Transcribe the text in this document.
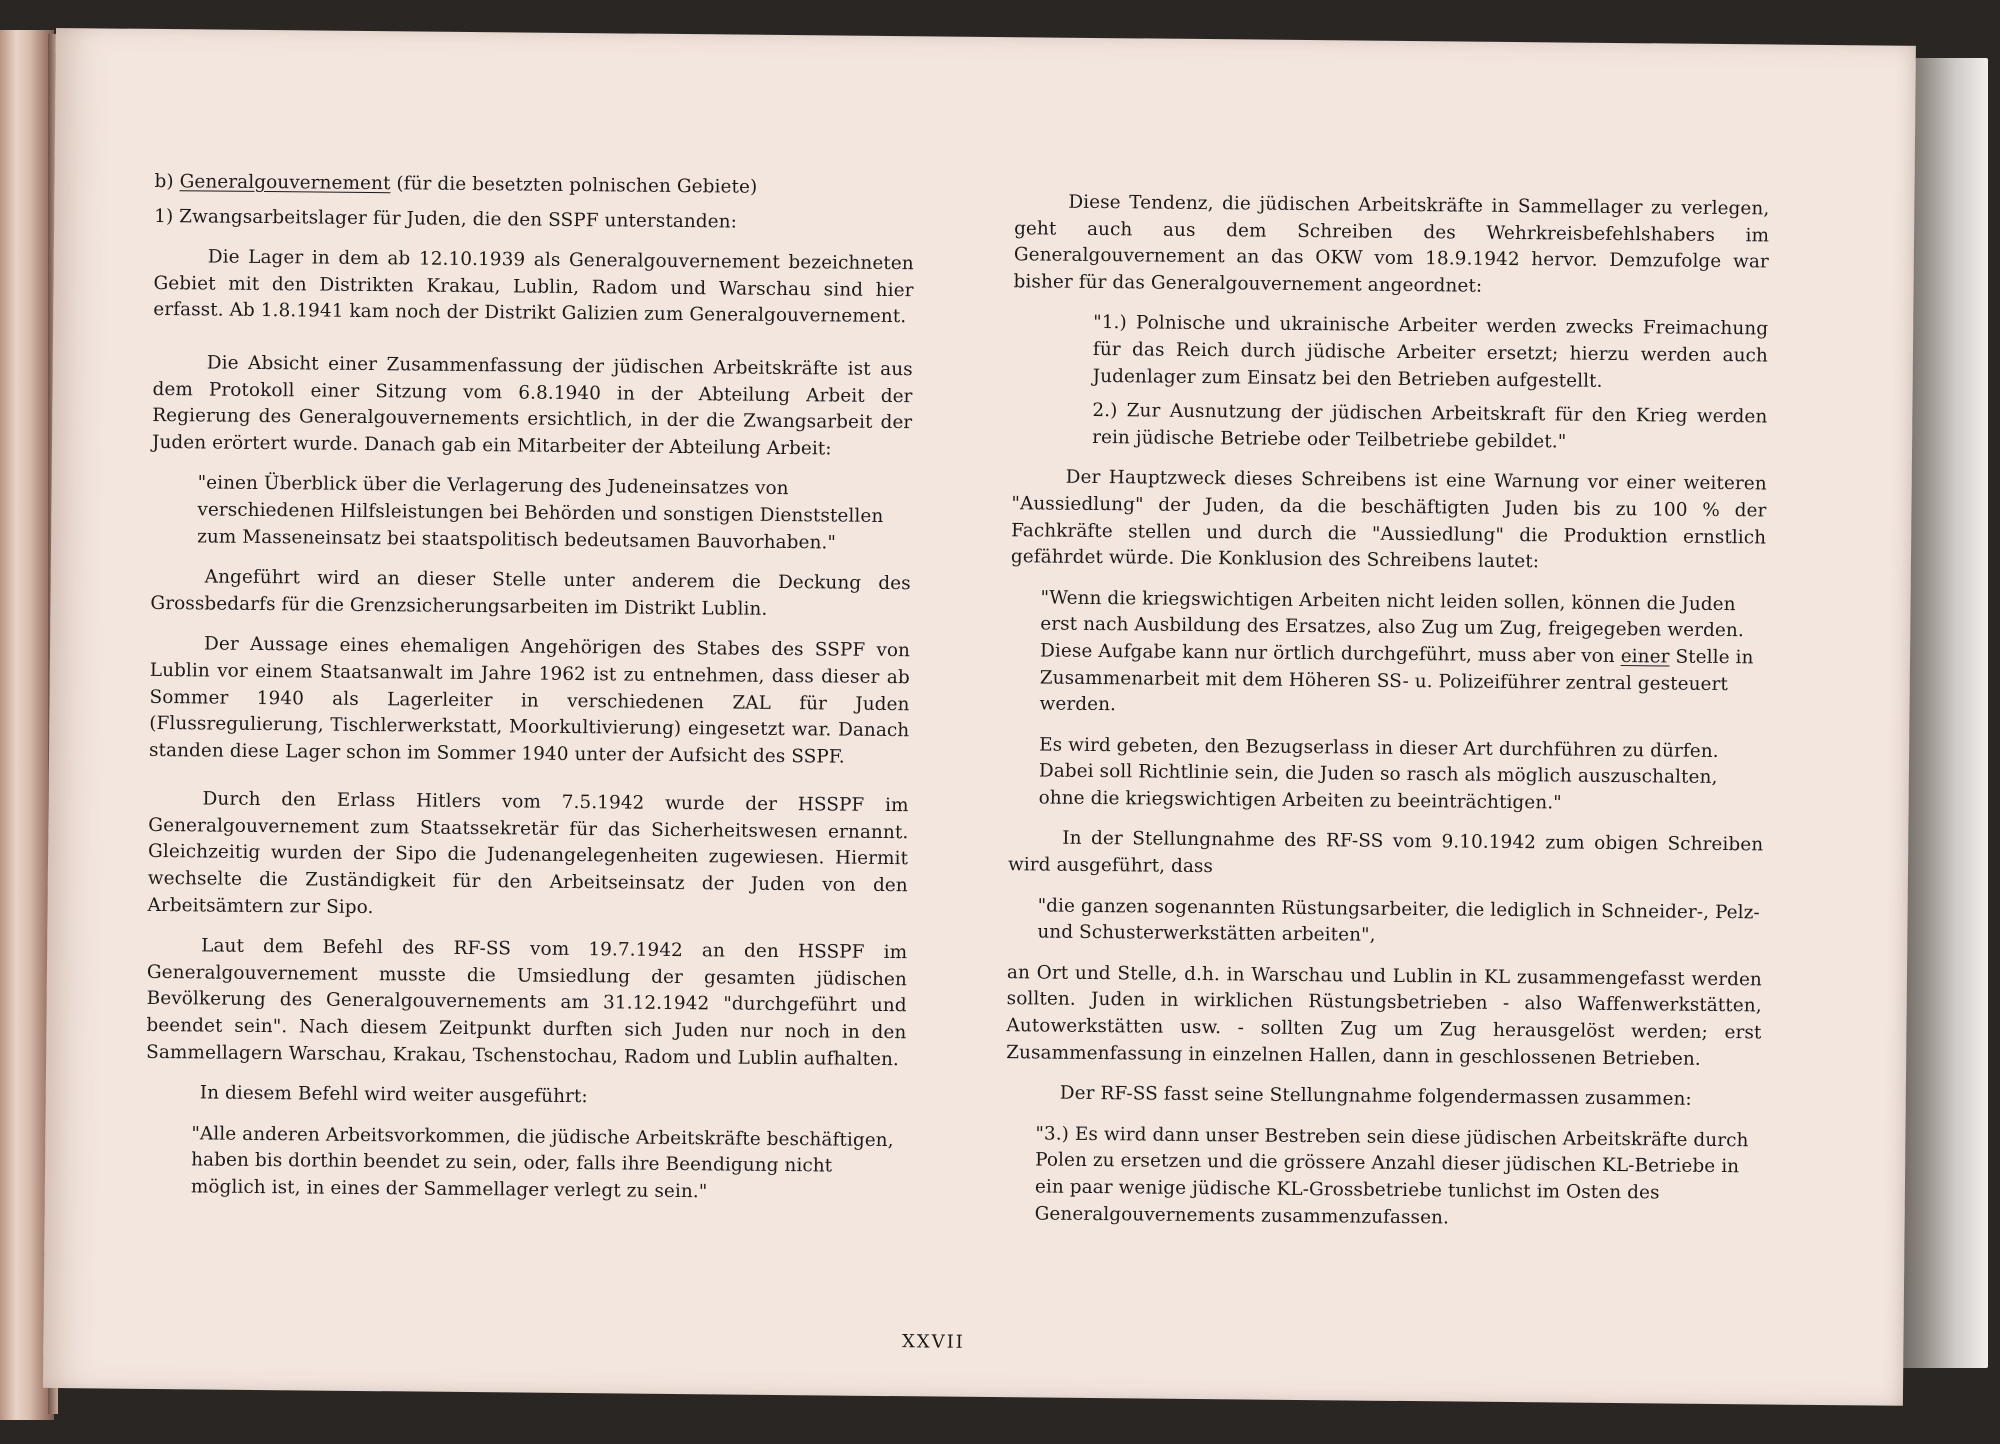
b) Generalgouvernement (für die besetzten polnischen Gebiete)

1) Zwangsarbeitslager für Juden, die den SSPF unterstanden:

Die Lager in dem ab 12.10.1939 als Generalgouvernement bezeichneten Gebiet mit den Distrikten Krakau, Lublin, Radom und Warschau sind hier erfasst. Ab 1.8.1941 kam noch der Distrikt Galizien zum Generalgouvernement.

Die Absicht einer Zusammenfassung der jüdischen Arbeitskräfte ist aus dem Protokoll einer Sitzung vom 6.8.1940 in der Abteilung Arbeit der Regierung des Generalgouvernements ersichtlich, in der die Zwangsarbeit der Juden erörtert wurde. Danach gab ein Mitarbeiter der Abteilung Arbeit:

"einen Überblick über die Verlagerung des Judeneinsatzes von verschiedenen Hilfsleistungen bei Behörden und sonstigen Dienststellen zum Masseneinsatz bei staatspolitisch bedeutsamen Bauvorhaben."

Angeführt wird an dieser Stelle unter anderem die Deckung des Grossbedarfs für die Grenzsicherungsarbeiten im Distrikt Lublin.

Der Aussage eines ehemaligen Angehörigen des Stabes des SSPF von Lublin vor einem Staatsanwalt im Jahre 1962 ist zu entnehmen, dass dieser ab Sommer 1940 als Lagerleiter in verschiedenen ZAL für Juden (Flussregulierung, Tischlerwerkstatt, Moorkultivierung) eingesetzt war. Danach standen diese Lager schon im Sommer 1940 unter der Aufsicht des SSPF.

Durch den Erlass Hitlers vom 7.5.1942 wurde der HSSPF im Generalgouvernement zum Staatssekretär für das Sicherheitswesen ernannt. Gleichzeitig wurden der Sipo die Judenangelegenheiten zugewiesen. Hiermit wechselte die Zuständigkeit für den Arbeitseinsatz der Juden von den Arbeitsämtern zur Sipo.

Laut dem Befehl des RF-SS vom 19.7.1942 an den HSSPF im Generalgouvernement musste die Umsiedlung der gesamten jüdischen Bevölkerung des Generalgouvernements am 31.12.1942 "durchgeführt und beendet sein". Nach diesem Zeitpunkt durften sich Juden nur noch in den Sammellagern Warschau, Krakau, Tschenstochau, Radom und Lublin aufhalten.

In diesem Befehl wird weiter ausgeführt:

"Alle anderen Arbeitsvorkommen, die jüdische Arbeitskräfte beschäftigen, haben bis dorthin beendet zu sein, oder, falls ihre Beendigung nicht möglich ist, in eines der Sammellager verlegt zu sein."

Diese Tendenz, die jüdischen Arbeitskräfte in Sammellager zu verlegen, geht auch aus dem Schreiben des Wehrkreisbefehlshabers im Generalgouvernement an das OKW vom 18.9.1942 hervor. Demzufolge war bisher für das Generalgouvernement angeordnet:

"1.) Polnische und ukrainische Arbeiter werden zwecks Freimachung für das Reich durch jüdische Arbeiter ersetzt; hierzu werden auch Judenlager zum Einsatz bei den Betrieben aufgestellt.

2.) Zur Ausnutzung der jüdischen Arbeitskraft für den Krieg werden rein jüdische Betriebe oder Teilbetriebe gebildet."

Der Hauptzweck dieses Schreibens ist eine Warnung vor einer weiteren "Aussiedlung" der Juden, da die beschäftigten Juden bis zu 100 % der Fachkräfte stellen und durch die "Aussiedlung" die Produktion ernstlich gefährdet würde. Die Konklusion des Schreibens lautet:

"Wenn die kriegswichtigen Arbeiten nicht leiden sollen, können die Juden erst nach Ausbildung des Ersatzes, also Zug um Zug, freigegeben werden. Diese Aufgabe kann nur örtlich durchgeführt, muss aber von einer Stelle in Zusammenarbeit mit dem Höheren SS- u. Polizeiführer zentral gesteuert werden.

Es wird gebeten, den Bezugserlass in dieser Art durchführen zu dürfen. Dabei soll Richtlinie sein, die Juden so rasch als möglich auszuschalten, ohne die kriegswichtigen Arbeiten zu beeinträchtigen."

In der Stellungnahme des RF-SS vom 9.10.1942 zum obigen Schreiben wird ausgeführt, dass

"die ganzen sogenannten Rüstungsarbeiter, die lediglich in Schneider-, Pelz- und Schusterwerkstätten arbeiten",

an Ort und Stelle, d.h. in Warschau und Lublin in KL zusammengefasst werden sollten. Juden in wirklichen Rüstungsbetrieben - also Waffenwerkstätten, Autowerkstätten usw. - sollten Zug um Zug herausgelöst werden; erst Zusammenfassung in einzelnen Hallen, dann in geschlossenen Betrieben.

Der RF-SS fasst seine Stellungnahme folgendermassen zusammen:

"3.) Es wird dann unser Bestreben sein diese jüdischen Arbeitskräfte durch Polen zu ersetzen und die grössere Anzahl dieser jüdischen KL-Betriebe in ein paar wenige jüdische KL-Grossbetriebe tunlichst im Osten des Generalgouvernements zusammenzufassen.

XXVII
